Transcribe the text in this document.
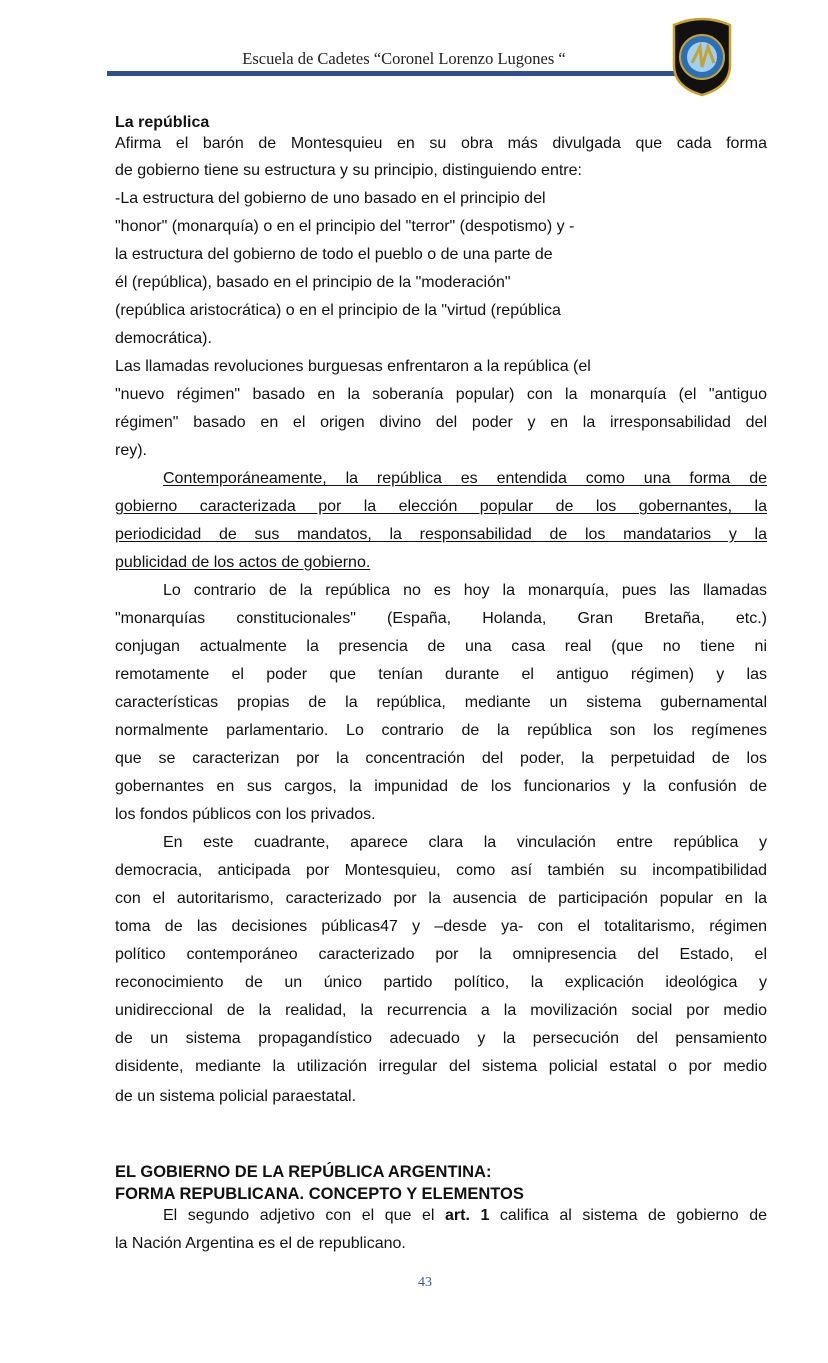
Escuela de Cadetes “Coronel Lorenzo Lugones “
La república
Afirma el barón de Montesquieu en su obra más divulgada que cada forma
de gobierno tiene su estructura y su principio, distinguiendo entre:
-La estructura del gobierno de uno basado en el principio del
"honor" (monarquía) o en el principio del "terror" (despotismo) y -
la estructura del gobierno de todo el pueblo o de una parte de
él (república), basado en el principio de la "moderación"
(república aristocrática) o en el principio de la "virtud (república
democrática).
Las llamadas revoluciones burguesas enfrentaron a la república (el
"nuevo régimen" basado en la soberanía popular) con la monarquía (el "antiguo
régimen" basado en el origen divino del poder y en la irresponsabilidad del
rey).
Contemporáneamente, la república es entendida como una forma de
gobierno caracterizada por la elección popular de los gobernantes, la
periodicidad de sus mandatos, la responsabilidad de los mandatarios y la
publicidad de los actos de gobierno.
Lo contrario de la república no es hoy la monarquía, pues las llamadas
"monarquías constitucionales" (España, Holanda, Gran Bretaña, etc.)
conjugan actualmente la presencia de una casa real (que no tiene ni
remotamente el poder que tenían durante el antiguo régimen) y las
características propias de la república, mediante un sistema gubernamental
normalmente parlamentario. Lo contrario de la república son los regímenes
que se caracterizan por la concentración del poder, la perpetuidad de los
gobernantes en sus cargos, la impunidad de los funcionarios y la confusión de
los fondos públicos con los privados.
En este cuadrante, aparece clara la vinculación entre república y
democracia, anticipada por Montesquieu, como así también su incompatibilidad
con el autoritarismo, caracterizado por la ausencia de participación popular en la
toma de las decisiones públicas47 y –desde ya- con el totalitarismo, régimen
político contemporáneo caracterizado por la omnipresencia del Estado, el
reconocimiento de un único partido político, la explicación ideológica y
unidireccional de la realidad, la recurrencia a la movilización social por medio
de un sistema propagandístico adecuado y la persecución del pensamiento
disidente, mediante la utilización irregular del sistema policial estatal o por medio
de un sistema policial paraestatal.
EL GOBIERNO DE LA REPÚBLICA ARGENTINA:
FORMA REPUBLICANA. CONCEPTO Y ELEMENTOS
El segundo adjetivo con el que el art. 1 califica al sistema de gobierno de
la Nación Argentina es el de republicano.
43
